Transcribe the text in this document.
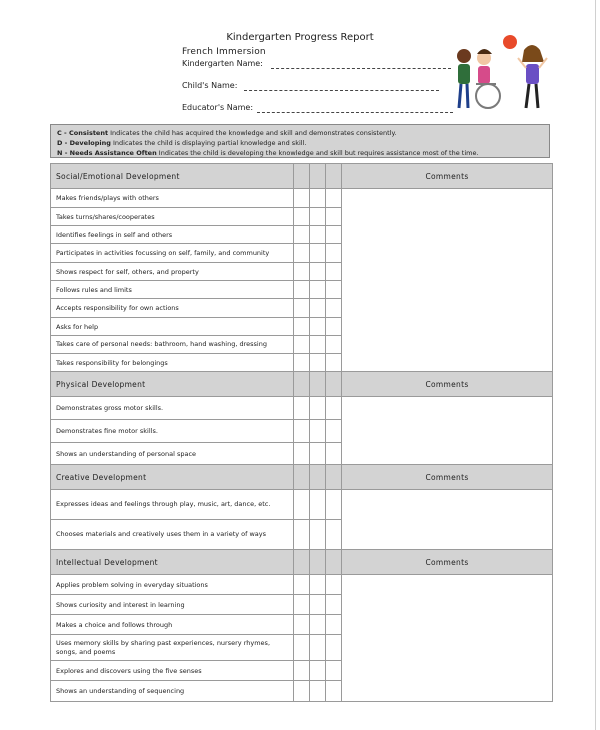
Kindergarten Progress Report
French Immersion
Kindergarten Name:
Child's Name:
Educator's Name:
C - Consistent Indicates the child has acquired the knowledge and skill and demonstrates consistently.
D - Developing Indicates the child is displaying partial knowledge and skill.
N - Needs Assistance Often Indicates the child is developing the knowledge and skill but requires assistance most of the time.
Social/Emotional Development				Comments
Makes friends/plays with others				
Takes turns/shares/cooperates				
Identifies feelings in self and others				
Participates in activities focussing on self, family, and community				
Shows respect for self, others, and property				
Follows rules and limits				
Accepts responsibility for own actions				
Asks for help				
Takes care of personal needs: bathroom, hand washing, dressing				
Takes responsibility for belongings				
Physical Development				Comments
Demonstrates gross motor skills.				
Demonstrates fine motor skills.				
Shows an understanding of personal space				
Creative Development				Comments
Expresses ideas and feelings through play, music, art, dance, etc.				
Chooses materials and creatively uses them in a variety of ways				
Intellectual Development				Comments
Applies problem solving in everyday situations				
Shows curiosity and interest in learning				
Makes a choice and follows through				
Uses memory skills by sharing past experiences, nursery rhymes, songs, and poems				
Explores and discovers using the five senses				
Shows an understanding of sequencing				
